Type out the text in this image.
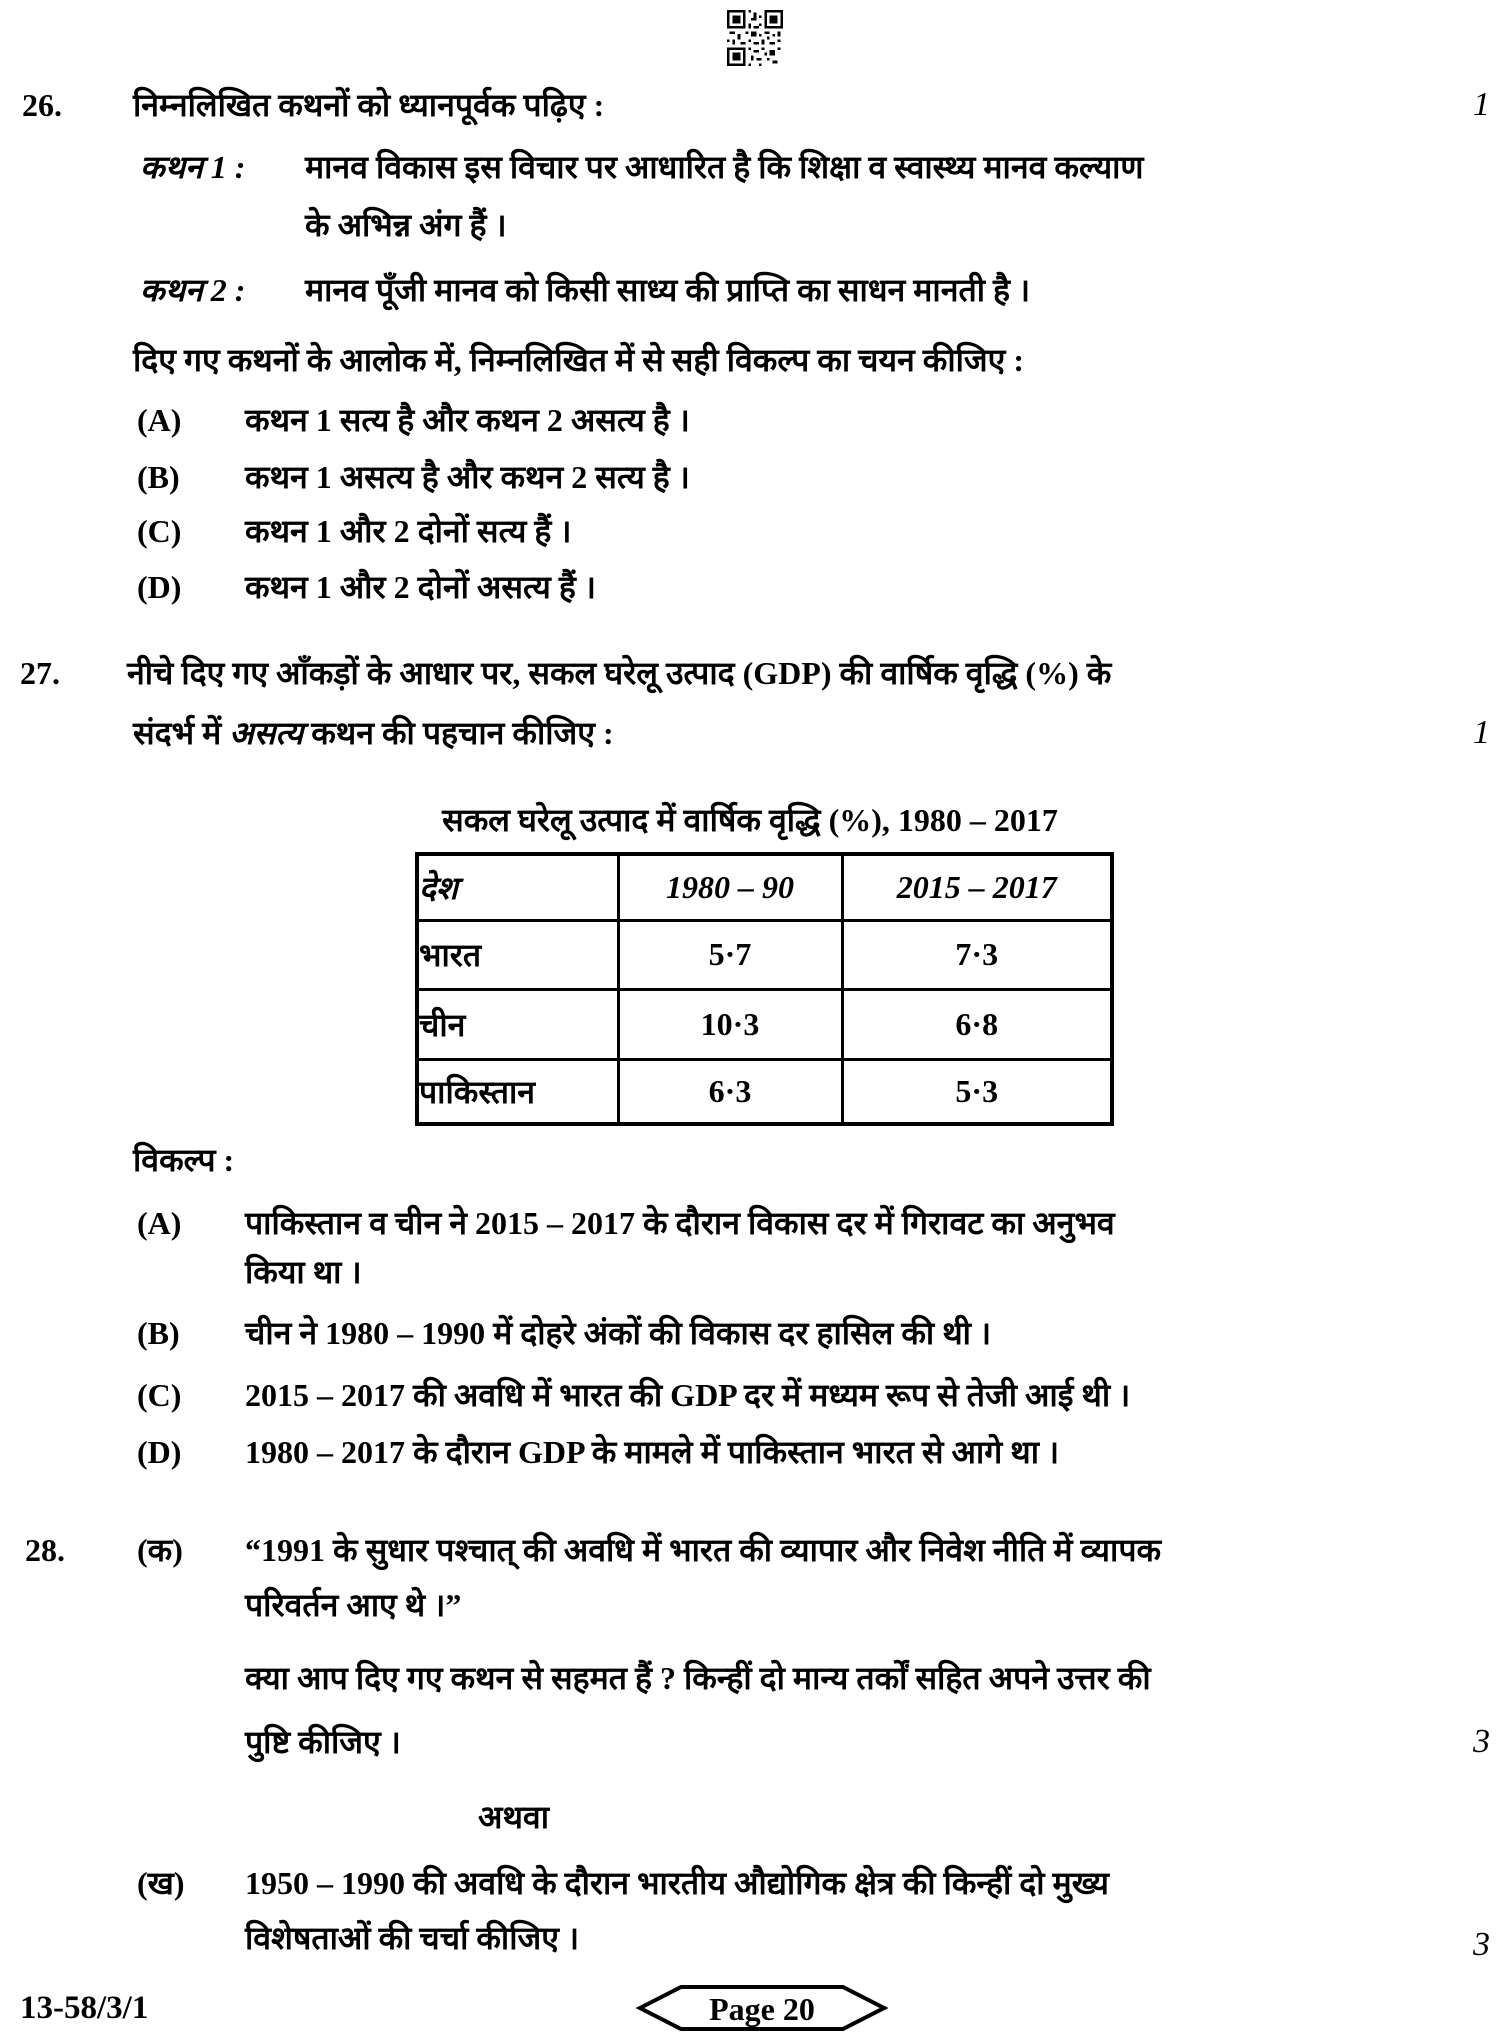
26. निम्नलिखित कथनों को ध्यानपूर्वक पढ़िए :	1
कथन 1 : मानव विकास इस विचार पर आधारित है कि शिक्षा व स्वास्थ्य मानव कल्याण
के अभिन्न अंग हैं ।
कथन 2 : मानव पूँजी मानव को किसी साध्य की प्राप्ति का साधन मानती है ।
दिए गए कथनों के आलोक में, निम्नलिखित में से सही विकल्प का चयन कीजिए :
(A) कथन 1 सत्य है और कथन 2 असत्य है ।
(B) कथन 1 असत्य है और कथन 2 सत्य है ।
(C) कथन 1 और 2 दोनों सत्य हैं ।
(D) कथन 1 और 2 दोनों असत्य हैं ।
27. नीचे दिए गए आँकड़ों के आधार पर, सकल घरेलू उत्पाद (GDP) की वार्षिक वृद्धि (%) के
संदर्भ में असत्य कथन की पहचान कीजिए :	1
सकल घरेलू उत्पाद में वार्षिक वृद्धि (%), 1980 – 2017
देश	1980 – 90	2015 – 2017
भारत	5·7	7·3
चीन	10·3	6·8
पाकिस्तान	6·3	5·3
विकल्प :
(A) पाकिस्तान व चीन ने 2015 – 2017 के दौरान विकास दर में गिरावट का अनुभव
किया था ।
(B) चीन ने 1980 – 1990 में दोहरे अंकों की विकास दर हासिल की थी ।
(C) 2015 – 2017 की अवधि में भारत की GDP दर में मध्यम रूप से तेजी आई थी ।
(D) 1980 – 2017 के दौरान GDP के मामले में पाकिस्तान भारत से आगे था ।
28. (क) “1991 के सुधार पश्चात् की अवधि में भारत की व्यापार और निवेश नीति में व्यापक
परिवर्तन आए थे ।”
क्या आप दिए गए कथन से सहमत हैं ? किन्हीं दो मान्य तर्कों सहित अपने उत्तर की
पुष्टि कीजिए ।	3
अथवा
(ख) 1950 – 1990 की अवधि के दौरान भारतीय औद्योगिक क्षेत्र की किन्हीं दो मुख्य
विशेषताओं की चर्चा कीजिए ।	3
13-58/3/1	Page 20
